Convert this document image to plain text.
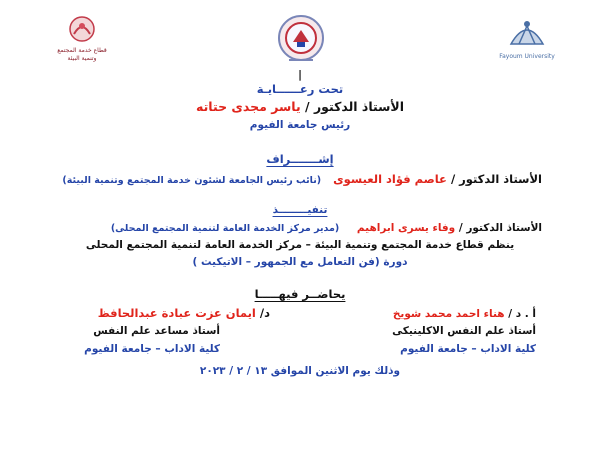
قطاع خدمة المجتمع
وتنمية البيئة	Fayoum University
|
تحت رعــــــايـة
الأستاذ الدكتور / ياسر مجدى حتاته
رئيس جامعة الفيوم
إشـــــــراف
الأستاذ الدكتور / عاصم فؤاد العيسوى (نائب رئيس الجامعة لشئون خدمة المجتمع وتنمية البيئة)
تنفيــــــــذ
الأستاذ الدكتور / وفاء يسرى ابراهيم (مدير مركز الخدمة العامة لتنمية المجتمع المحلى)
ينظم قطاع خدمة المجتمع وتنمية البيئة – مركز الخدمة العامة لتنمية المجتمع المحلى
دورة (فن التعامل مع الجمهور – الاتيكيت )
يحاضــر فيهـــــا
أ . د / هناء احمد محمد شويخ
د/ ايمان عزت عبادة عبدالحافظ
أستاذ علم النفس الاكلينيكى
أستاذ مساعد علم النفس
كلية الاداب – جامعة الفيوم
كلية الاداب – جامعة الفيوم
وذلك يوم الاثنين الموافق ١٣ / ٢ / ٢٠٢٣
